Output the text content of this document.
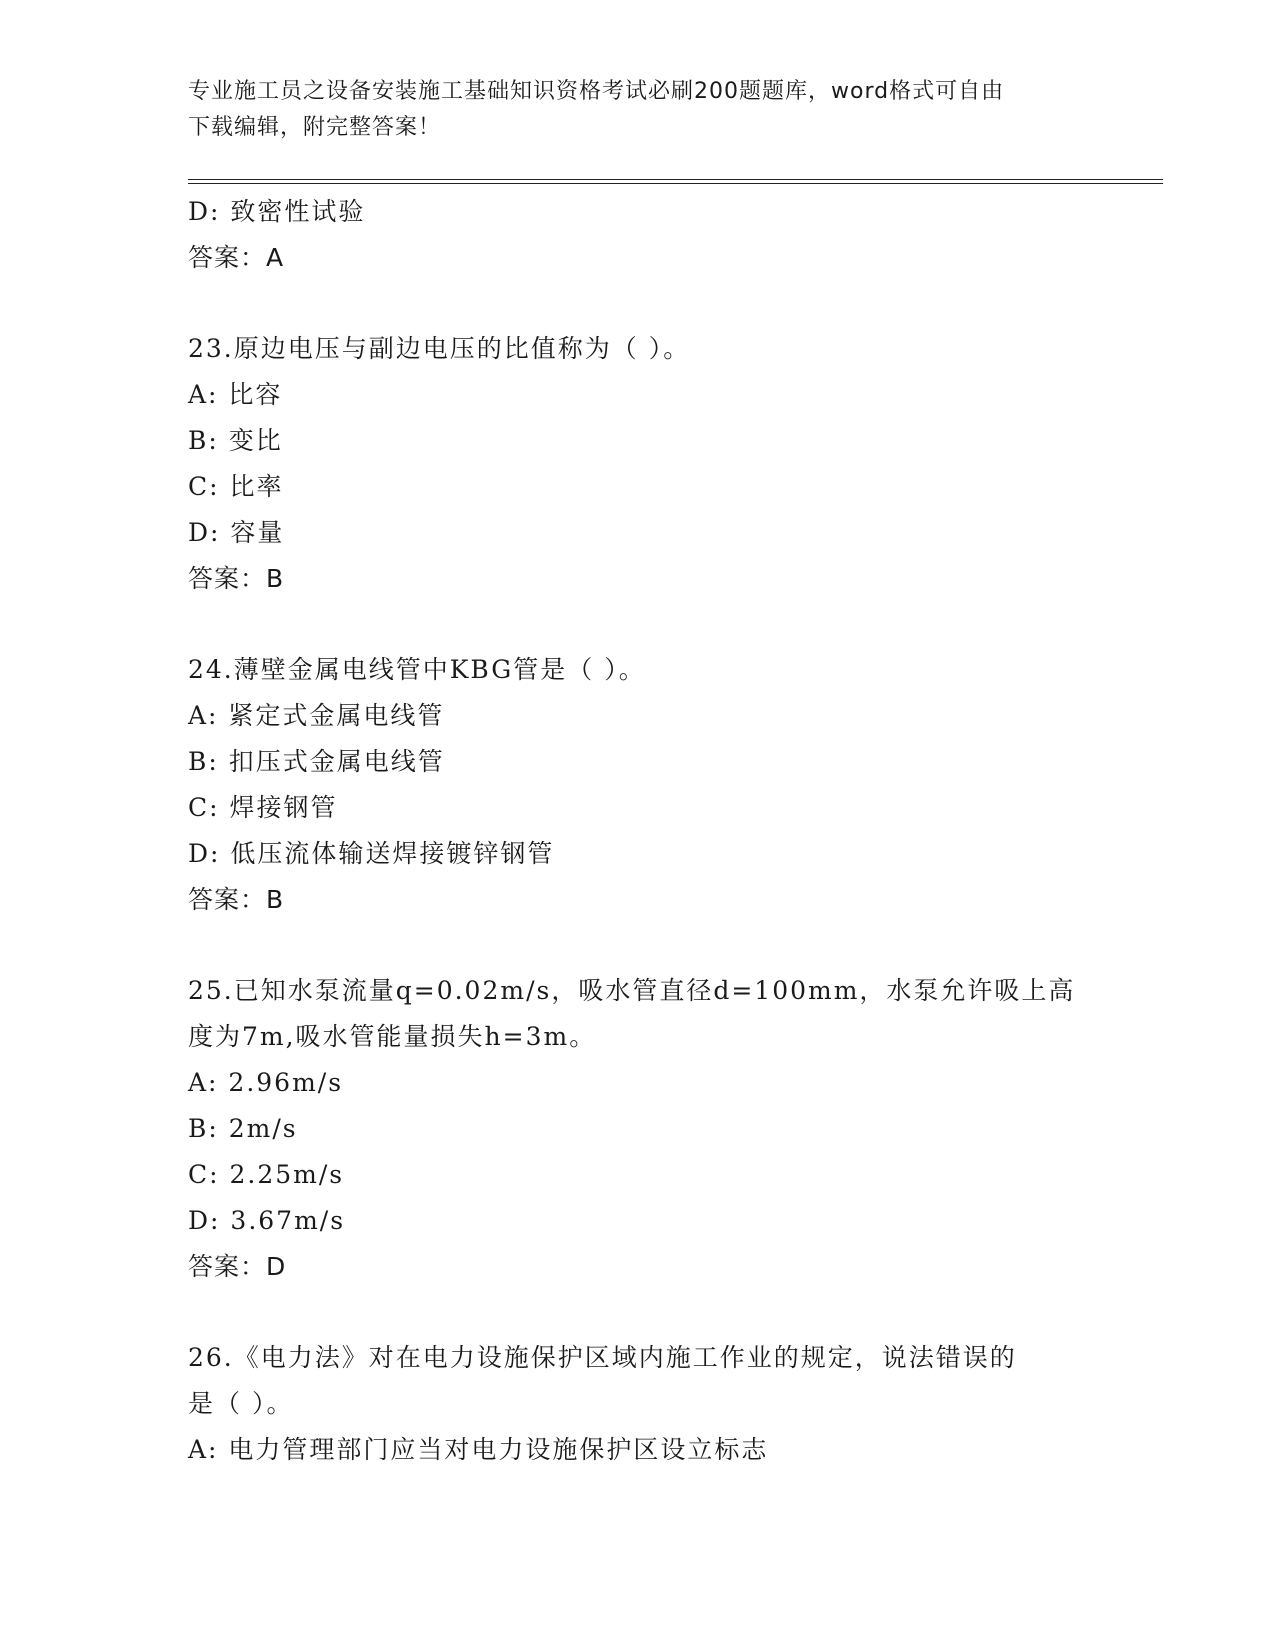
专业施工员之设备安装施工基础知识资格考试必刷200题题库，word格式可自由
下载编辑，附完整答案！
D: 致密性试验
答案：A
23.原边电压与副边电压的比值称为（ ）。
A: 比容
B: 变比
C: 比率
D: 容量
答案：B
24.薄壁金属电线管中KBG管是（ ）。
A: 紧定式金属电线管
B: 扣压式金属电线管
C: 焊接钢管
D: 低压流体输送焊接镀锌钢管
答案：B
25.已知水泵流量q=0.02m/s，吸水管直径d=100mm，水泵允许吸上高
度为7m,吸水管能量损失h=3m。
A: 2.96m/s
B: 2m/s
C: 2.25m/s
D: 3.67m/s
答案：D
26.《电力法》对在电力设施保护区域内施工作业的规定，说法错误的
是（ ）。
A: 电力管理部门应当对电力设施保护区设立标志
